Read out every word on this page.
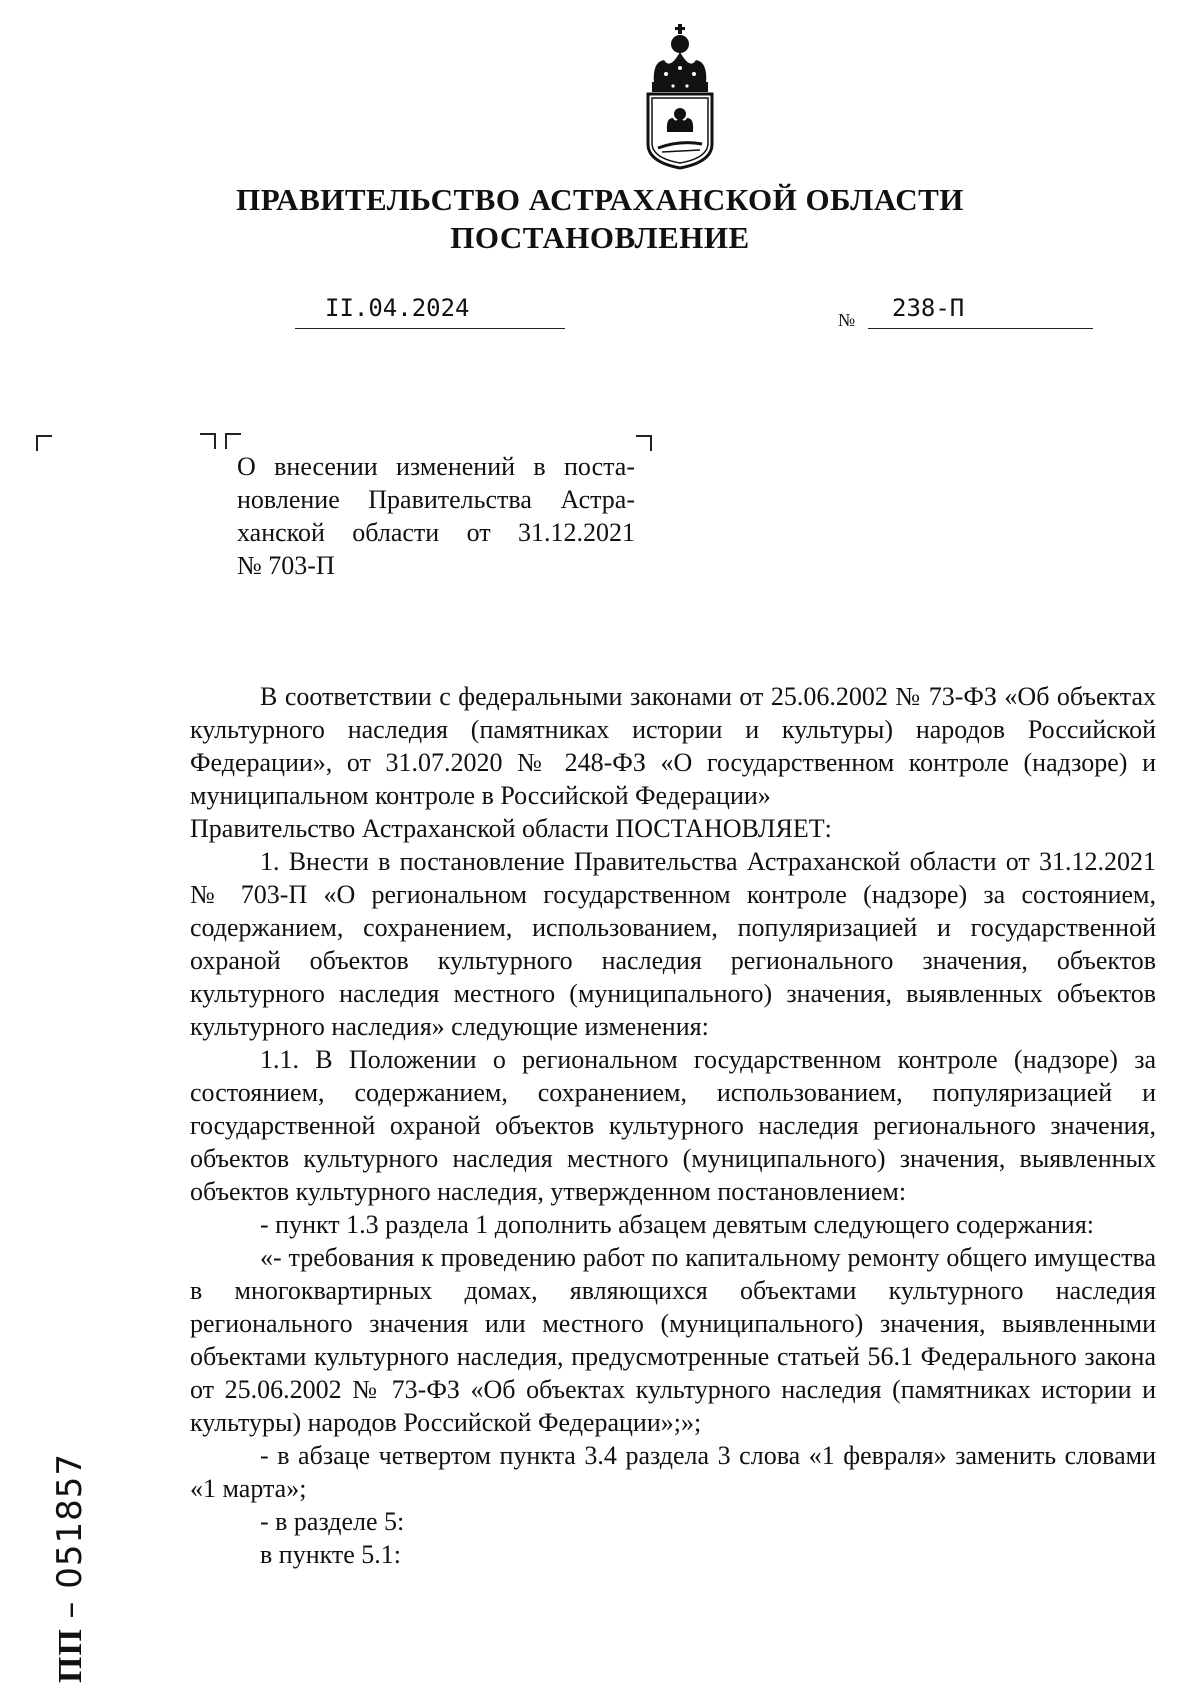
ПРАВИТЕЛЬСТВО АСТРАХАНСКОЙ ОБЛАСТИ
ПОСТАНОВЛЕНИЕ
II.04.2024	№ 238-П
О внесении изменений в поста-
новление Правительства Астра-
ханской области от 31.12.2021
№ 703-П

В соответствии с федеральными законами от 25.06.2002 № 73-ФЗ «Об объектах культурного наследия (памятниках истории и культуры) народов Российской Федерации», от 31.07.2020 № 248-ФЗ «О государственном контроле (надзоре) и муниципальном контроле в Российской Федерации»

Правительство Астраханской области ПОСТАНОВЛЯЕТ:

1. Внести в постановление Правительства Астраханской области от 31.12.2021 № 703-П «О региональном государственном контроле (надзоре) за состоянием, содержанием, сохранением, использованием, популяризацией и государственной охраной объектов культурного наследия регионального значения, объектов культурного наследия местного (муниципального) значения, выявленных объектов культурного наследия» следующие изменения:

1.1. В Положении о региональном государственном контроле (надзоре) за состоянием, содержанием, сохранением, использованием, популяризацией и государственной охраной объектов культурного наследия регионального значения, объектов культурного наследия местного (муниципального) значения, выявленных объектов культурного наследия, утвержденном постановлением:

- пункт 1.3 раздела 1 дополнить абзацем девятым следующего содержания:

«- требования к проведению работ по капитальному ремонту общего имущества в многоквартирных домах, являющихся объектами культурного наследия регионального значения или местного (муниципального) значения, выявленными объектами культурного наследия, предусмотренные статьей 56.1 Федерального закона от 25.06.2002 № 73-ФЗ «Об объектах культурного наследия (памятниках истории и культуры) народов Российской Федерации»;»;

- в абзаце четвертом пункта 3.4 раздела 3 слова «1 февраля» заменить словами «1 марта»;

- в разделе 5:

в пункте 5.1:

ПП – 051857
